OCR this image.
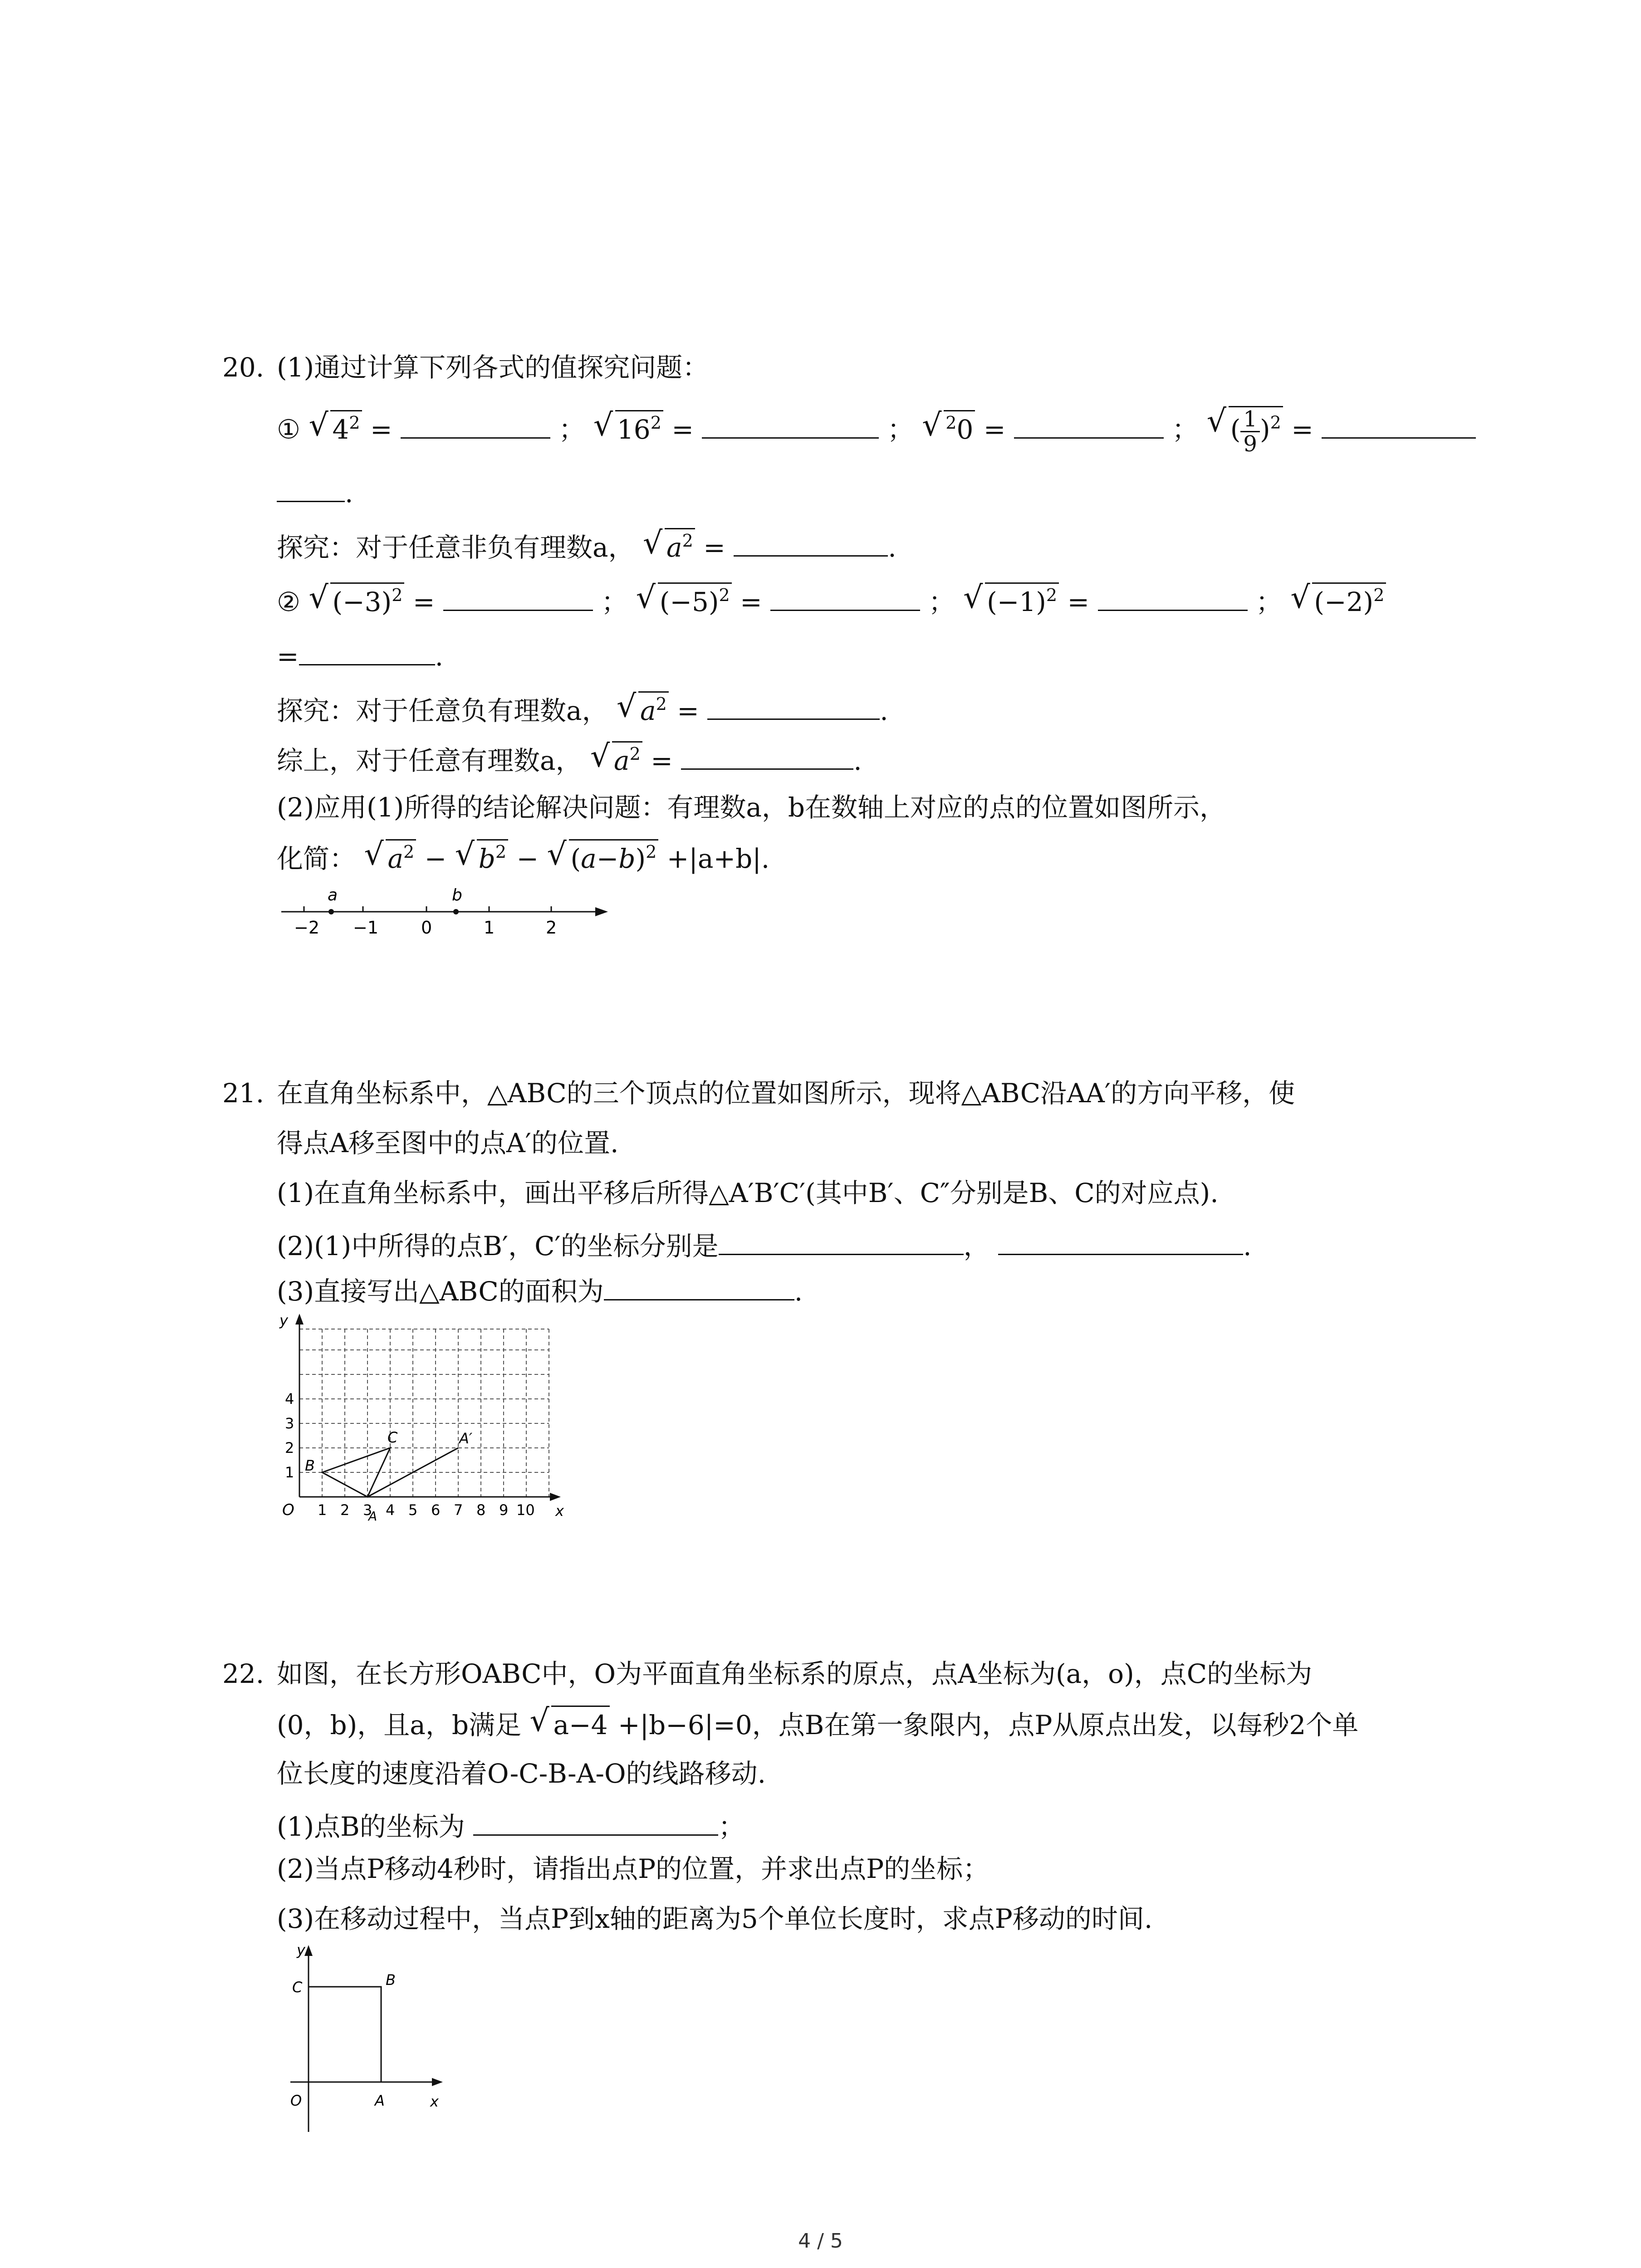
20. (1)通过计算下列各式的值探究问题：
① √ $4^2$ =	； √ $16^2$ =	； √ $^2$0 =	； √ ( $\frac{1}{9} )^2$ =
.
探究：对于任意非负有理数a， √ $a^2$ =	.
② √ $(-3)^2$ =	； √ $(-5)^2$ =	； √ $(-1)^2$ =	； √ $(-2)^2$
=	.
探究：对于任意负有理数a， √ $a^2$ =	.
综上，对于任意有理数a， √ $a^2$ =	.
(2)应用(1)所得的结论解决问题：有理数a，b在数轴上对应的点的位置如图所示，
化简： √ $a^2$ − √ $b^2$ − √ $(a-b)^2 +|a+b|$.
a	b
−2 −1 0	1	2
21. 在直角坐标系中，△ABC的三个顶点的位置如图所示，现将△ABC沿AA′的方向平移，使
得点A移至图中的点A′的位置.
(1)在直角坐标系中，画出平移后所得△A′B′C′(其中B′、C″分别是B、C的对应点).
(2)(1)中所得的点B′，C′的坐标分别是	，	.
(3)直接写出△ABC的面积为	.
y
x
O 1 2 3 4 5 6 7 8 9 10
1
2
3
4
B
C
A
A′
22. 如图，在长方形OABC中，O为平面直角坐标系的原点，点A坐标为(a，o)，点C的坐标为
(0，b)，且a，b满足 √ a−4 +|b−6|=0，点B在第一象限内，点P从原点出发，以每秒2个单
位长度的速度沿着O-C-B-A-O的线路移动.
(1)点B的坐标为	；
(2)当点P移动4秒时，请指出点P的位置，并求出点P的坐标；
(3)在移动过程中，当点P到x轴的距离为5个单位长度时，求点P移动的时间.
y
C	B
O	A	x
4 / 5
